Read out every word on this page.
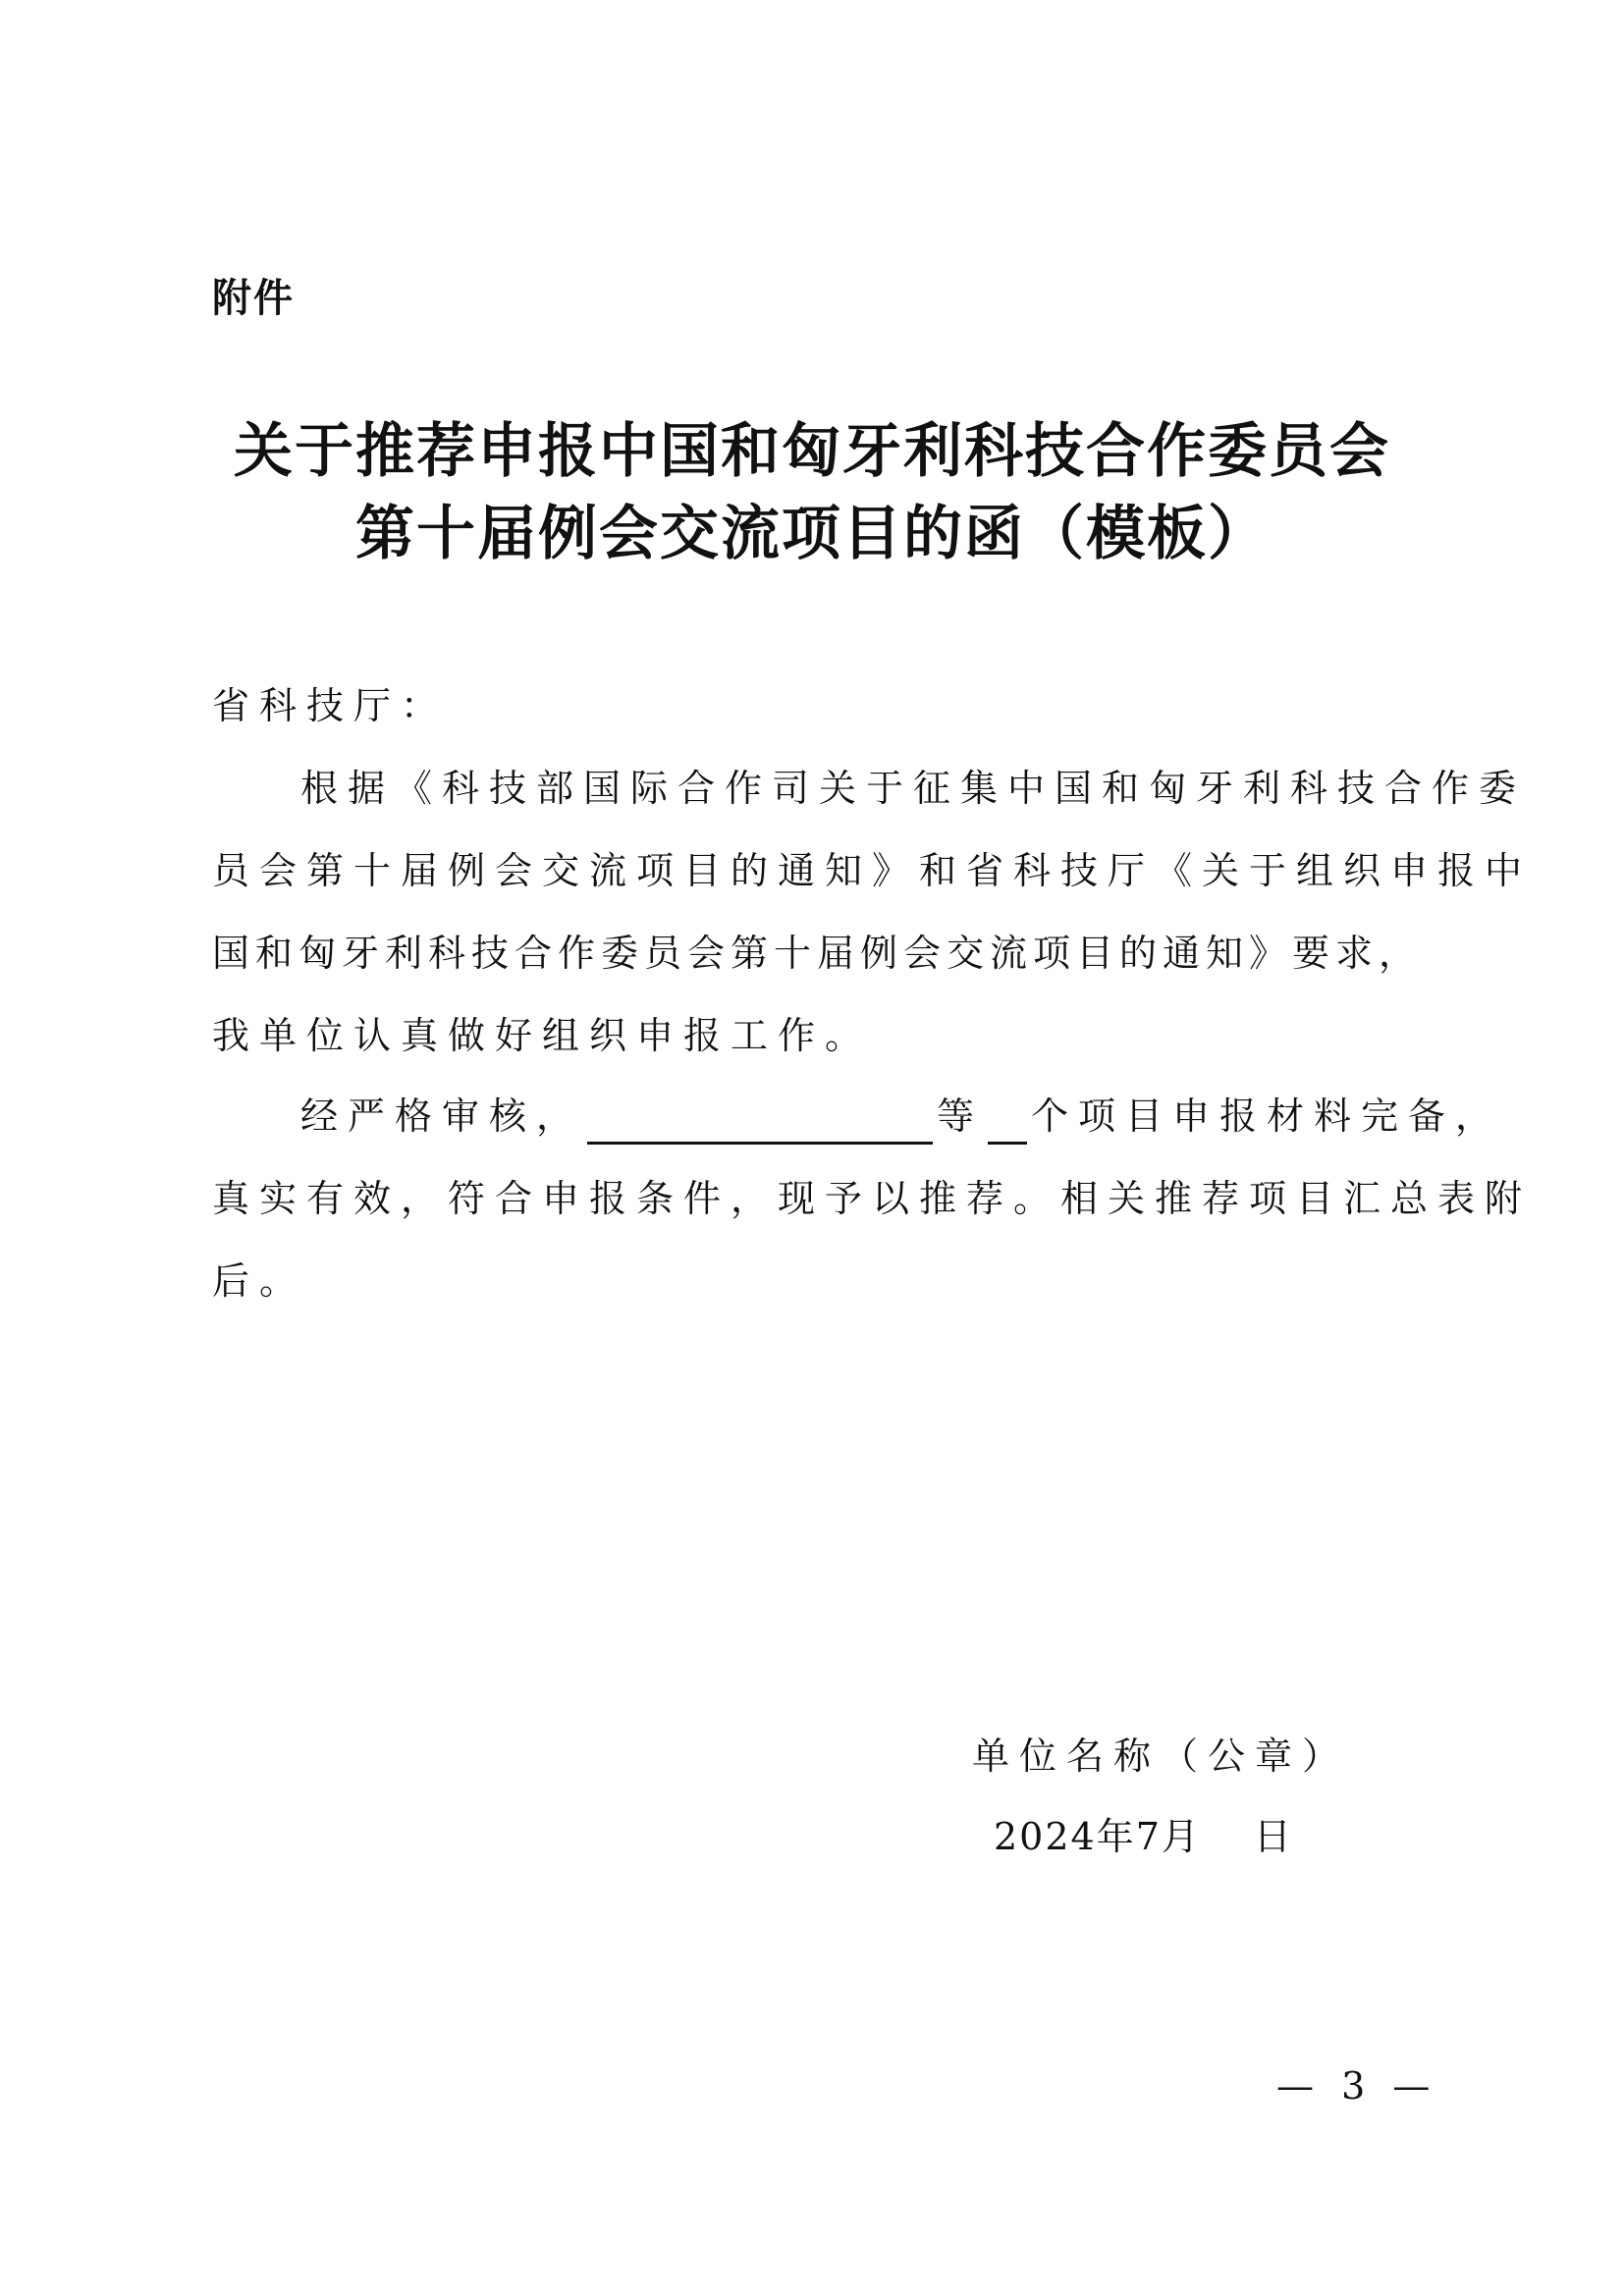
附件
关于推荐申报中国和匈牙利科技合作委员会
第十届例会交流项目的函（模板）
省科技厅：
根据《科技部国际合作司关于征集中国和匈牙利科技合作委
员会第十届例会交流项目的通知》和省科技厅《关于组织申报中
国和匈牙利科技合作委员会第十届例会交流项目的通知》要求，
我单位认真做好组织申报工作。
经严格审核，	等 个项目申报材料完备，
真实有效，符合申报条件，现予以推荐。相关推荐项目汇总表附
后。
单位名称（公章）
2024年7月 日
— 3 —
